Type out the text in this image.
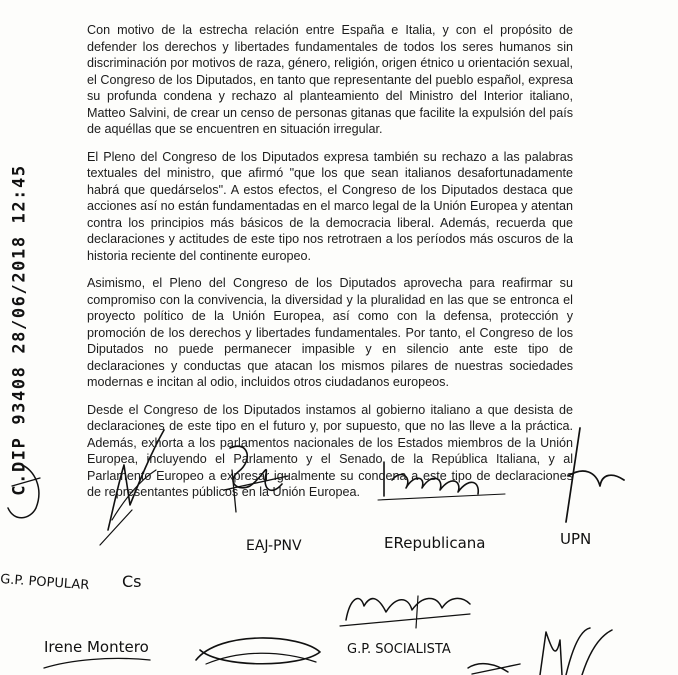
C.DIP 93408 28/06/2018 12:45

Con motivo de la estrecha relación entre España e Italia, y con el propósito de defender los derechos y libertades fundamentales de todos los seres humanos sin discriminación por motivos de raza, género, religión, origen étnico u orientación sexual, el Congreso de los Diputados, en tanto que representante del pueblo español, expresa su profunda condena y rechazo al planteamiento del Ministro del Interior italiano, Matteo Salvini, de crear un censo de personas gitanas que facilite la expulsión del país de aquéllas que se encuentren en situación irregular.

El Pleno del Congreso de los Diputados expresa también su rechazo a las palabras textuales del ministro, que afirmó "que los que sean italianos desafortunadamente habrá que quedárselos". A estos efectos, el Congreso de los Diputados destaca que acciones así no están fundamentadas en el marco legal de la Unión Europea y atentan contra los principios más básicos de la democracia liberal. Además, recuerda que declaraciones y actitudes de este tipo nos retrotraen a los períodos más oscuros de la historia reciente del continente europeo.

Asimismo, el Pleno del Congreso de los Diputados aprovecha para reafirmar su compromiso con la convivencia, la diversidad y la pluralidad en las que se entronca el proyecto político de la Unión Europea, así como con la defensa, protección y promoción de los derechos y libertades fundamentales. Por tanto, el Congreso de los Diputados no puede permanecer impasible y en silencio ante este tipo de declaraciones y conductas que atacan los mismos pilares de nuestras sociedades modernas e incitan al odio, incluidos otros ciudadanos europeos.

Desde el Congreso de los Diputados instamos al gobierno italiano a que desista de declaraciones de este tipo en el futuro y, por supuesto, que no las lleve a la práctica. Además, exhorta a los parlamentos nacionales de los Estados miembros de la Unión Europea, incluyendo el Parlamento y el Senado de la República Italiana, y al Parlamento Europeo a expresar igualmente su condena a este tipo de declaraciones de representantes públicos en la Unión Europea.

G.P. POPULAR Cs
EAJ-PNV	ERepublicana	UPN
Irene Montero	G.P. SOCIALISTA
